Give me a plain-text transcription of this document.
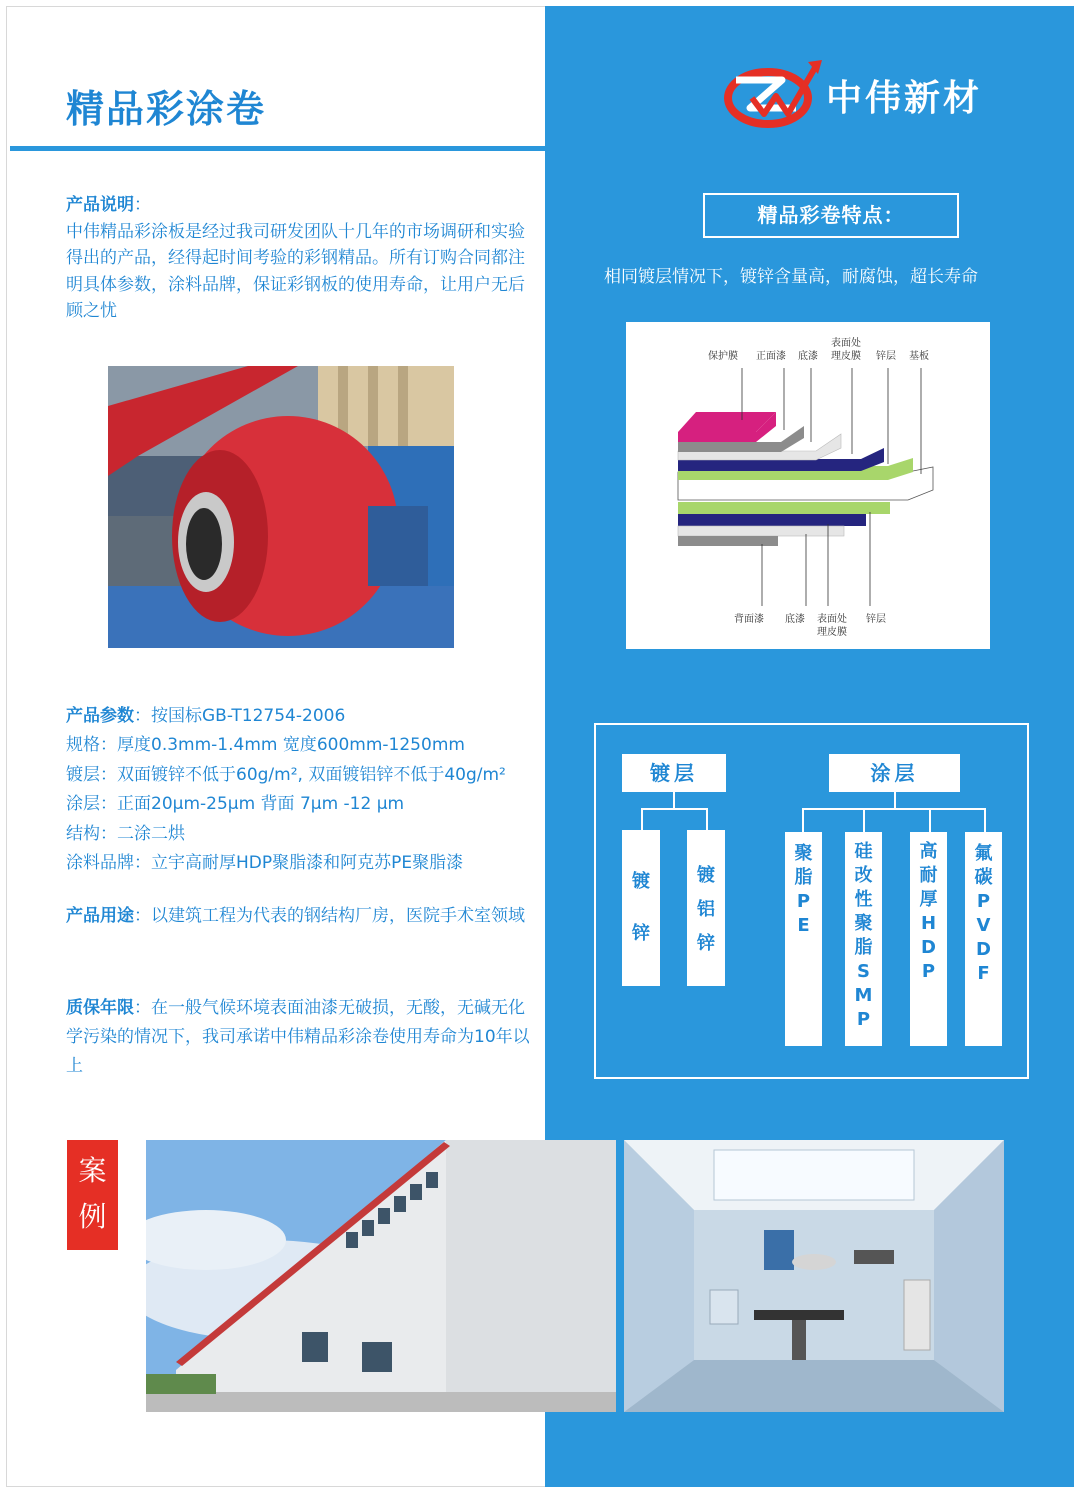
精品彩涂卷	中伟新材
产品说明：
中伟精品彩涂板是经过我司研发团队十几年的市场调研和实验得出的产品，经得起时间考验的彩钢精品。所有订购合同都注明具体参数，涂料品牌，保证彩钢板的使用寿命，让用户无后顾之忧
产品参数：按国标GB-T12754-2006
规格：厚度0.3mm-1.4mm 宽度600mm-1250mm
镀层：双面镀锌不低于60g/m², 双面镀铝锌不低于40g/m²
涂层：正面20μm-25μm 背面 7μm -12 μm
结构：二涂二烘
涂料品牌：立宇高耐厚HDP聚脂漆和阿克苏PE聚脂漆
产品用途：以建筑工程为代表的钢结构厂房，医院手术室领域
质保年限：在一般气候环境表面油漆无破损，无酸，无碱无化学污染的情况下，我司承诺中伟精品彩涂卷使用寿命为10年以上
精品彩卷特点：
相同镀层情况下，镀锌含量高，耐腐蚀，超长寿命
保护膜 正面漆 底漆
表面处
理皮膜 锌层 基板
背面漆 底漆 表面处
理皮膜
锌层
镀层	涂层
镀
锌
镀
铝
锌
聚
脂
P
E
硅
改
性
聚
脂
S
M
P
高
耐
厚
H
D
P
氟
碳
P
V
D
F
案
例
